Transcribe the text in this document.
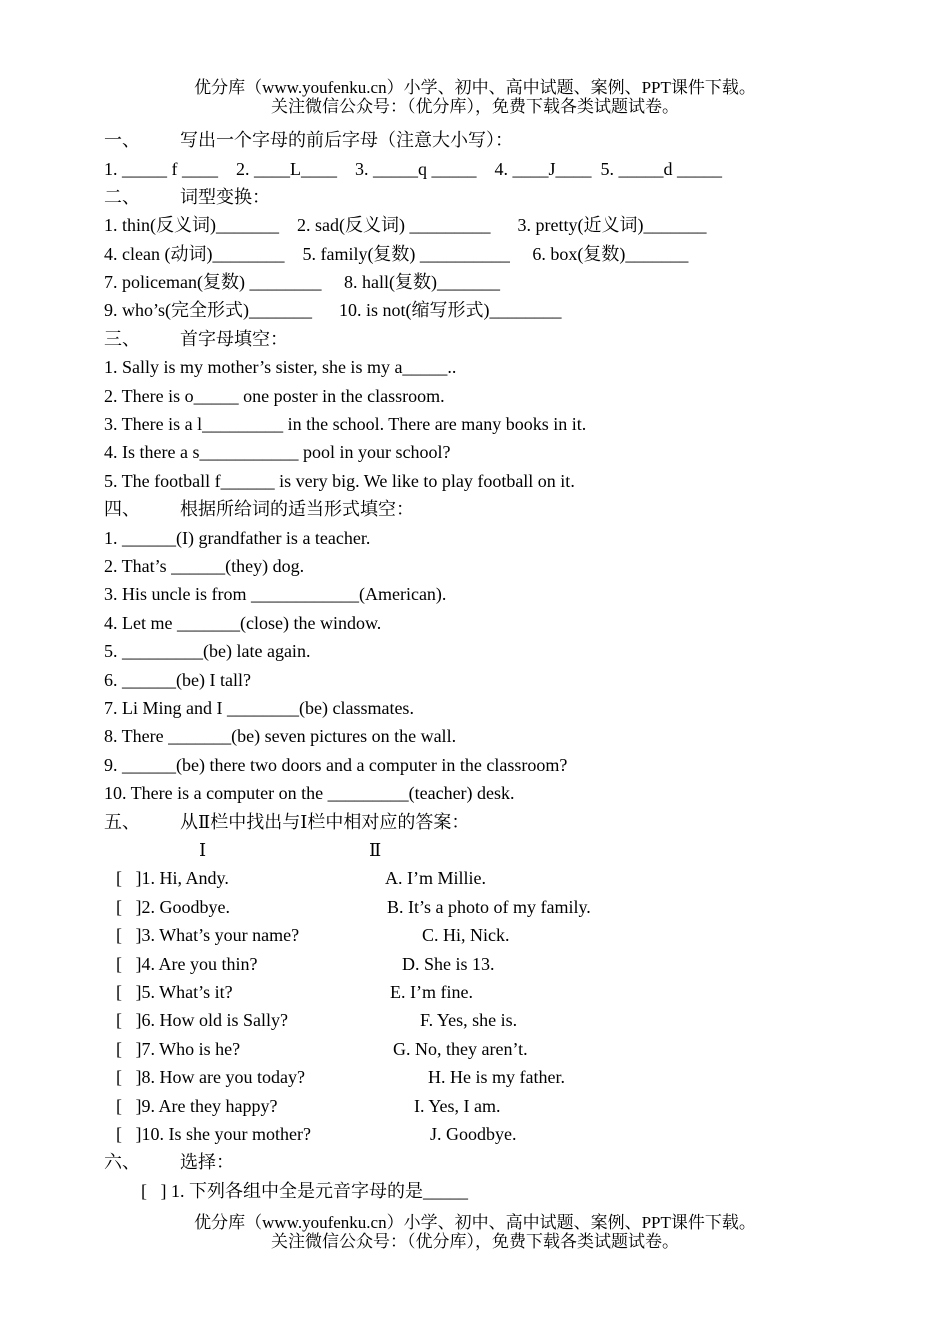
优分库（www.youfenku.cn）小学、初中、高中试题、案例、PPT课件下载。
关注微信公众号：（优分库），免费下载各类试题试卷。
一、 写出一个字母的前后字母（注意大小写）：
1. _____ f ____    2. ____L____    3. _____q _____    4. ____J____  5. _____d _____
二、 词型变换：
1. thin(反义词)_______    2. sad(反义词) _________      3. pretty(近义词)_______
4. clean (动词)________    5. family(复数) __________     6. box(复数)_______
7. policeman(复数) ________     8. hall(复数)_______
9. who’s(完全形式)_______      10. is not(缩写形式)________
三、 首字母填空：
1. Sally is my mother’s sister, she is my a_____..
2. There is o_____ one poster in the classroom.
3. There is a l_________ in the school. There are many books in it.
4. Is there a s___________ pool in your school?
5. The football f______ is very big. We like to play football on it.
四、 根据所给词的适当形式填空：
1. ______(I) grandfather is a teacher.
2. That’s ______(they) dog.
3. His uncle is from ____________(American).
4. Let me _______(close) the window.
5. _________(be) late again.
6. ______(be) I tall?
7. Li Ming and I ________(be) classmates.
8. There _______(be) seven pictures on the wall.
9. ______(be) there two doors and a computer in the classroom?
10. There is a computer on the _________(teacher) desk.
五、 从Ⅱ栏中找出与Ⅰ栏中相对应的答案：
Ⅰ	Ⅱ
[   ]1. Hi, Andy.	A. I’m Millie.
[   ]2. Goodbye.	B. It’s a photo of my family.
[   ]3. What’s your name?	C. Hi, Nick.
[   ]4. Are you thin?	D. She is 13.
[   ]5. What’s it?	E. I’m fine.
[   ]6. How old is Sally?	F. Yes, she is.
[   ]7. Who is he?	G. No, they aren’t.
[   ]8. How are you today?	H. He is my father.
[   ]9. Are they happy?	I. Yes, I am.
[   ]10. Is she your mother?	J. Goodbye.
六、 选择：
[   ] 1. 下列各组中全是元音字母的是_____
优分库（www.youfenku.cn）小学、初中、高中试题、案例、PPT课件下载。
关注微信公众号：（优分库），免费下载各类试题试卷。
